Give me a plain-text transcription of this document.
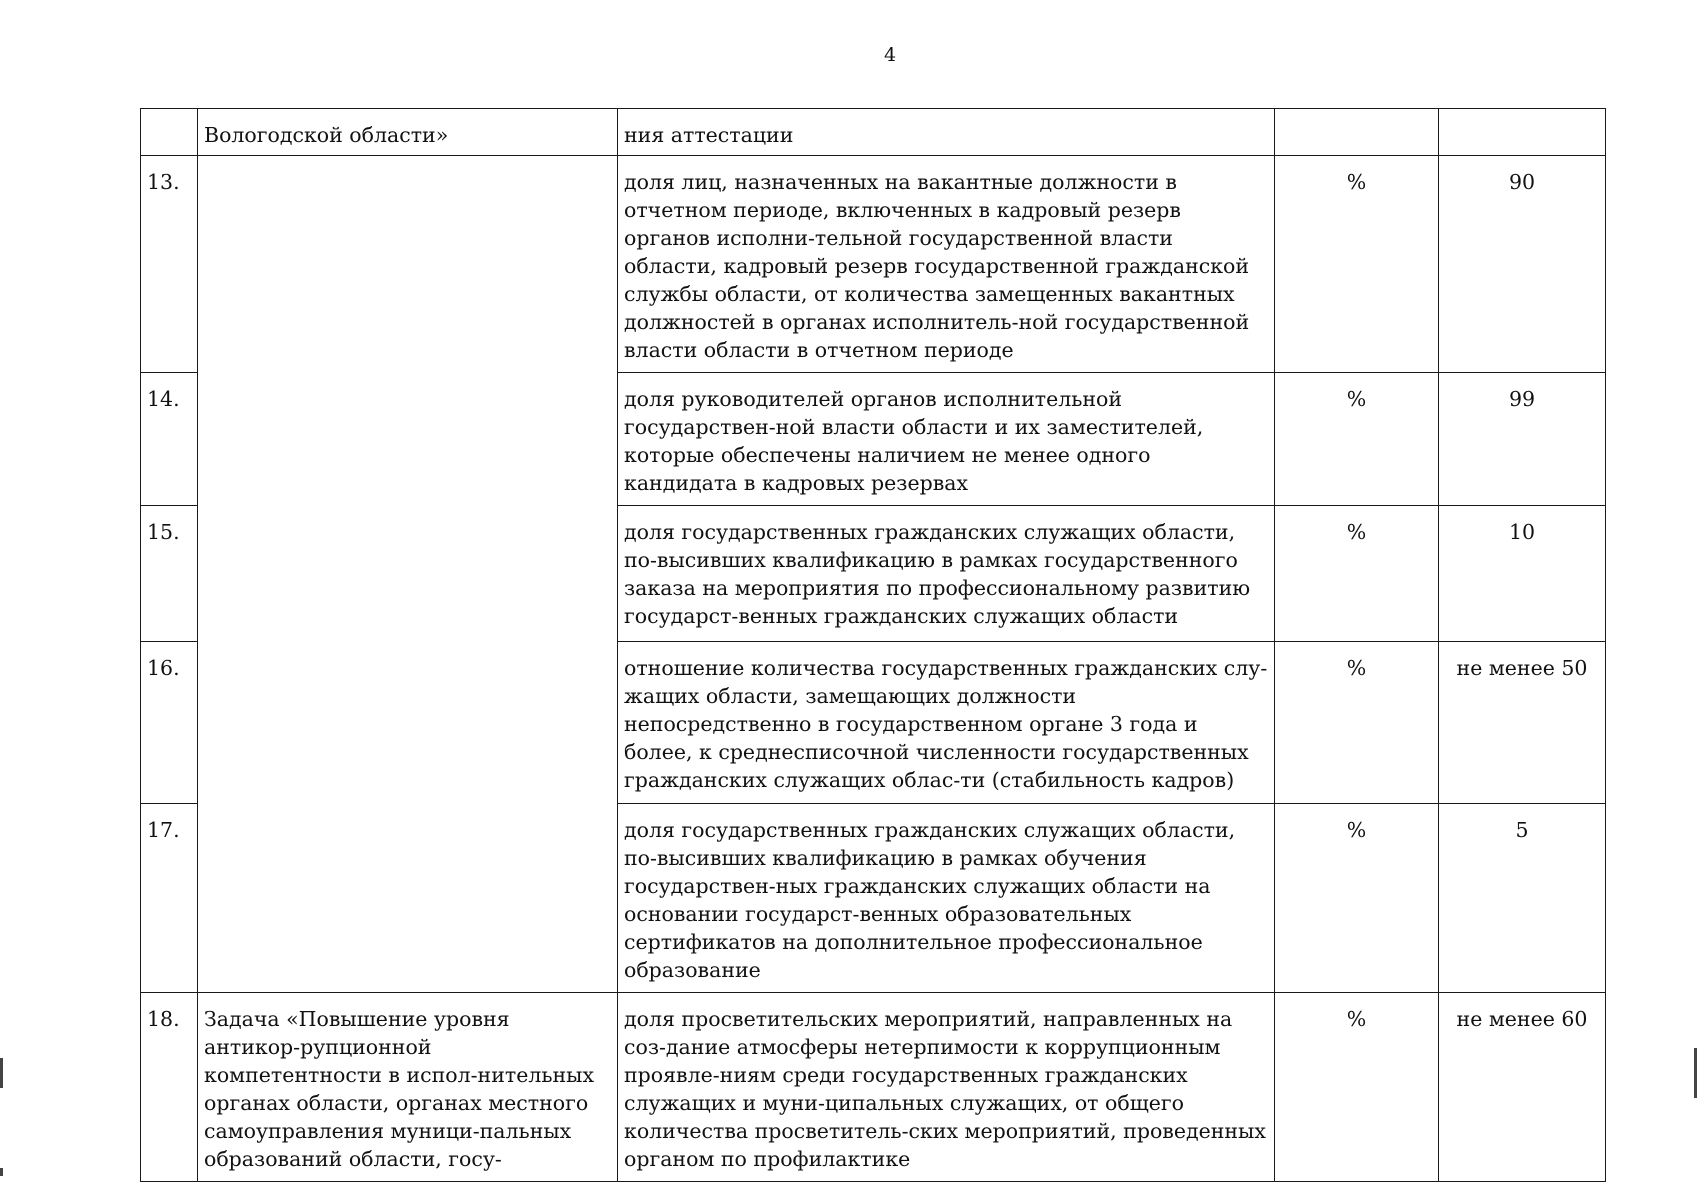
4
	Вологодской области»	ния аттестации		
13.		доля лиц, назначенных на вакантные должности в отчетном периоде, включенных в кадровый резерв органов исполни-тельной государственной власти области, кадровый резерв государственной гражданской службы области, от количества замещенных вакантных должностей в органах исполнитель-ной государственной власти области в отчетном периоде	%	90
14.		доля руководителей органов исполнительной государствен-ной власти области и их заместителей, которые обеспечены наличием не менее одного кандидата в кадровых резервах	%	99
15.		доля государственных гражданских служащих области, по-высивших квалификацию в рамках государственного заказа на мероприятия по профессиональному развитию государст-венных гражданских служащих области	%	10
16.		отношение количества государственных гражданских слу-жащих области, замещающих должности непосредственно в государственном органе 3 года и более, к среднесписочной численности государственных гражданских служащих облас-ти (стабильность кадров)	%	не менее 50
17.		доля государственных гражданских служащих области, по-высивших квалификацию в рамках обучения государствен-ных гражданских служащих области на основании государст-венных образовательных сертификатов на дополнительное профессиональное образование	%	5
18.	Задача «Повышение уровня антикор-рупционной компетентности в испол-нительных органах области, органах местного самоуправления муници-пальных образований области, госу-	доля просветительских мероприятий, направленных на соз-дание атмосферы нетерпимости к коррупционным проявле-ниям среди государственных гражданских служащих и муни-ципальных служащих, от общего количества просветитель-ских мероприятий, проведенных органом по профилактике	%	не менее 60
